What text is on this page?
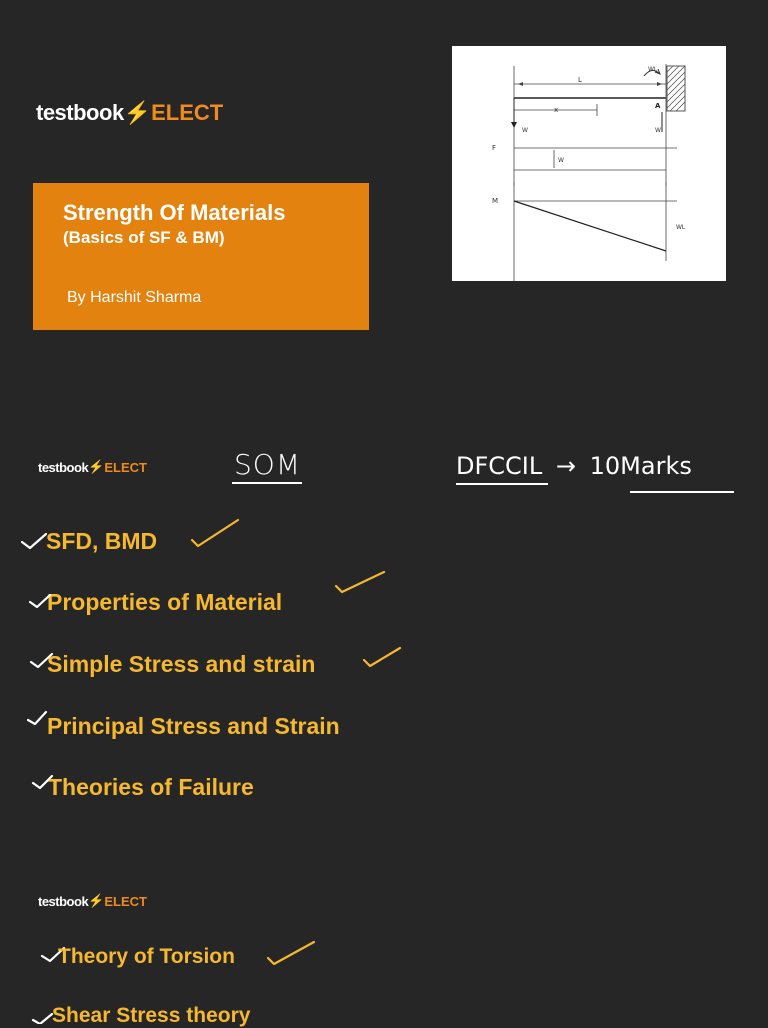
testbook ⚡ ELECT
Strength Of Materials
(Basics of SF & BM)
By Harshit Sharma
L
x
WL
A
W	W
F
W
M
WL
testbook ⚡ ELECT	SOM	DFCCIL → 10Marks
SFD, BMD
Properties of Material
Simple Stress and strain
Principal Stress and Strain
Theories of Failure
testbook ⚡ ELECT
Theory of Torsion
Shear Stress theory
